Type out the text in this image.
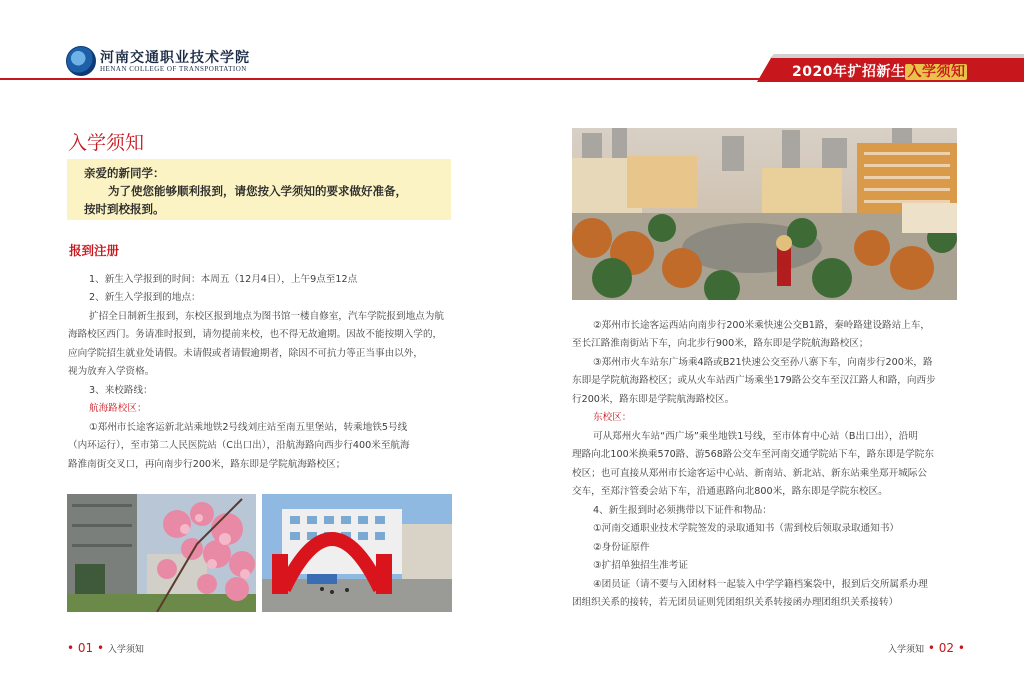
河南交通职业技术学院
HENAN COLLEGE OF TRANSPORTATION	2020年扩招新生 入学须知
入学须知
亲爱的新同学：
为了使您能够顺利报到，请您按入学须知的要求做好准备，
按时到校报到。
报到注册
1、新生入学报到的时间：本周五（12月4日），上午9点至12点
2、新生入学报到的地点：
扩招全日制新生报到，东校区报到地点为图书馆一楼自修室，汽车学院报到地点为航
海路校区西门。务请准时报到，请勿提前来校，也不得无故逾期。因故不能按期入学的，
应向学院招生就业处请假。未请假或者请假逾期者，除因不可抗力等正当事由以外，
视为放弃入学资格。
3、来校路线：
航海路校区：
①郑州市长途客运新北站乘地铁2号线刘庄站至南五里堡站，转乘地铁5号线
（内环运行），至市第二人民医院站（C出口出），沿航海路向西步行400米至航海
路淮南街交叉口，再向南步行200米，路东即是学院航海路校区；
②郑州市长途客运西站向南步行200米乘快速公交B1路，秦岭路建设路站上车，
至长江路淮南街站下车，向北步行900米，路东即是学院航海路校区；
③郑州市火车站东广场乘4路或B21快速公交至孙八寨下车，向南步行200米，路
东即是学院航海路校区；或从火车站西广场乘坐179路公交车至汉江路人和路，向西步
行200米，路东即是学院航海路校区。
东校区：
可从郑州火车站“西广场”乘坐地铁1号线，至市体育中心站（B出口出），沿明
理路向北100米换乘570路、游568路公交车至河南交通学院站下车，路东即是学院东
校区；也可直接从郑州市长途客运中心站、新南站、新北站、新东站乘坐郑开城际公
交车，至郑汴管委会站下车，沿通惠路向北800米，路东即是学院东校区。
4、新生报到时必须携带以下证件和物品：
①河南交通职业技术学院签发的录取通知书（需到校后领取录取通知书）
②身份证原件
③扩招单独招生准考证
④团员证（请不要与入团材料一起装入中学学籍档案袋中，报到后交所属系办理
团组织关系的接转，若无团员证则凭团组织关系转接函办理团组织关系接转）
• 01 • 入学须知	入学须知 • 02 •
